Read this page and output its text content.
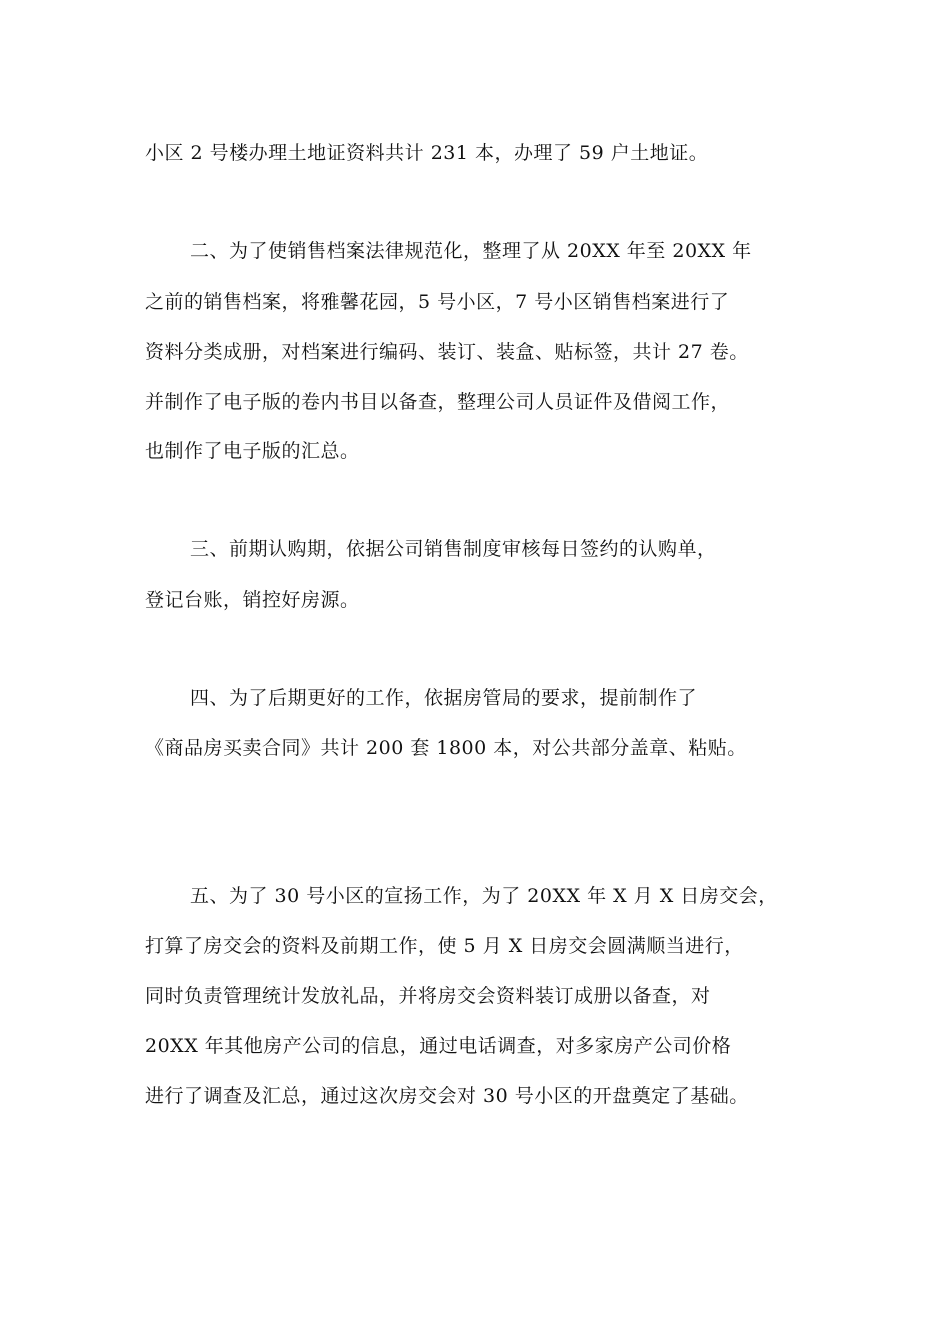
小区 2 号楼办理土地证资料共计 231 本，办理了 59 户土地证。
二、为了使销售档案法律规范化，整理了从 20XX 年至 20XX 年
之前的销售档案，将雅馨花园，5 号小区，7 号小区销售档案进行了
资料分类成册，对档案进行编码、装订、装盒、贴标签，共计 27 卷。
并制作了电子版的卷内书目以备查，整理公司人员证件及借阅工作，
也制作了电子版的汇总。
三、前期认购期，依据公司销售制度审核每日签约的认购单，
登记台账，销控好房源。
四、为了后期更好的工作，依据房管局的要求，提前制作了
《商品房买卖合同》共计 200 套 1800 本，对公共部分盖章、粘贴。
五、为了 30 号小区的宣扬工作，为了 20XX 年 X 月 X 日房交会，
打算了房交会的资料及前期工作，使 5 月 X 日房交会圆满顺当进行，
同时负责管理统计发放礼品，并将房交会资料装订成册以备查，对
20XX 年其他房产公司的信息，通过电话调查，对多家房产公司价格
进行了调查及汇总，通过这次房交会对 30 号小区的开盘奠定了基础。
